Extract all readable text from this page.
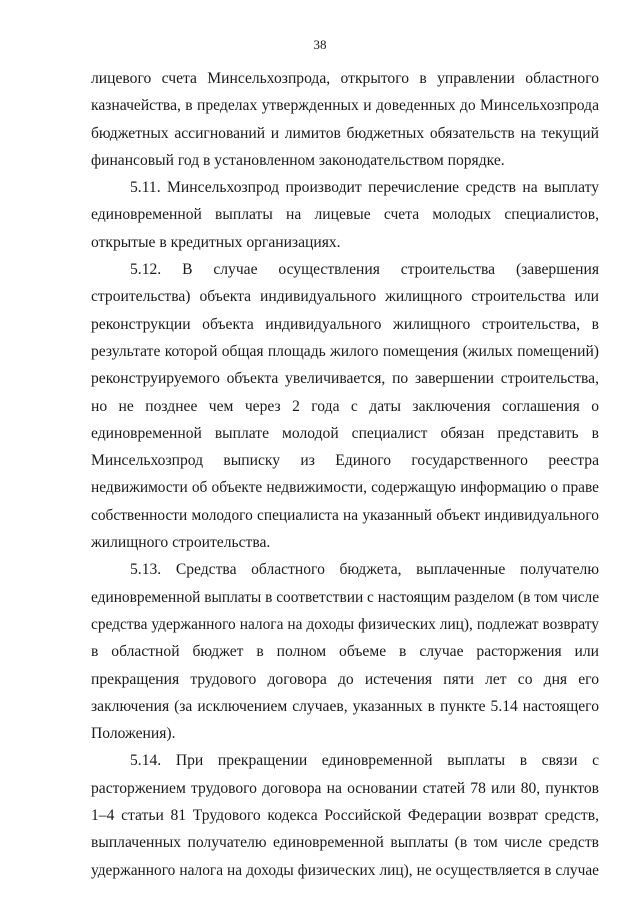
38
лицевого счета Минсельхозпрода, открытого в управлении областного
казначейства, в пределах утвержденных и доведенных до Минсельхозпрода
бюджетных ассигнований и лимитов бюджетных обязательств на текущий
финансовый год в установленном законодательством порядке.
5.11. Минсельхозпрод производит перечисление средств на выплату
единовременной выплаты на лицевые счета молодых специалистов,
открытые в кредитных организациях.
5.12. В случае осуществления строительства (завершения
строительства) объекта индивидуального жилищного строительства или
реконструкции объекта индивидуального жилищного строительства, в
результате которой общая площадь жилого помещения (жилых помещений)
реконструируемого объекта увеличивается, по завершении строительства,
но не позднее чем через 2 года с даты заключения соглашения о
единовременной выплате молодой специалист обязан представить в
Минсельхозпрод выписку из Единого государственного реестра
недвижимости об объекте недвижимости, содержащую информацию о праве
собственности молодого специалиста на указанный объект индивидуального
жилищного строительства.
5.13. Средства областного бюджета, выплаченные получателю
единовременной выплаты в соответствии с настоящим разделом (в том числе
средства удержанного налога на доходы физических лиц), подлежат возврату
в областной бюджет в полном объеме в случае расторжения или
прекращения трудового договора до истечения пяти лет со дня его
заключения (за исключением случаев, указанных в пункте 5.14 настоящего
Положения).
5.14. При прекращении единовременной выплаты в связи с
расторжением трудового договора на основании статей 78 или 80, пунктов
1–4 статьи 81 Трудового кодекса Российской Федерации возврат средств,
выплаченных получателю единовременной выплаты (в том числе средств
удержанного налога на доходы физических лиц), не осуществляется в случае
